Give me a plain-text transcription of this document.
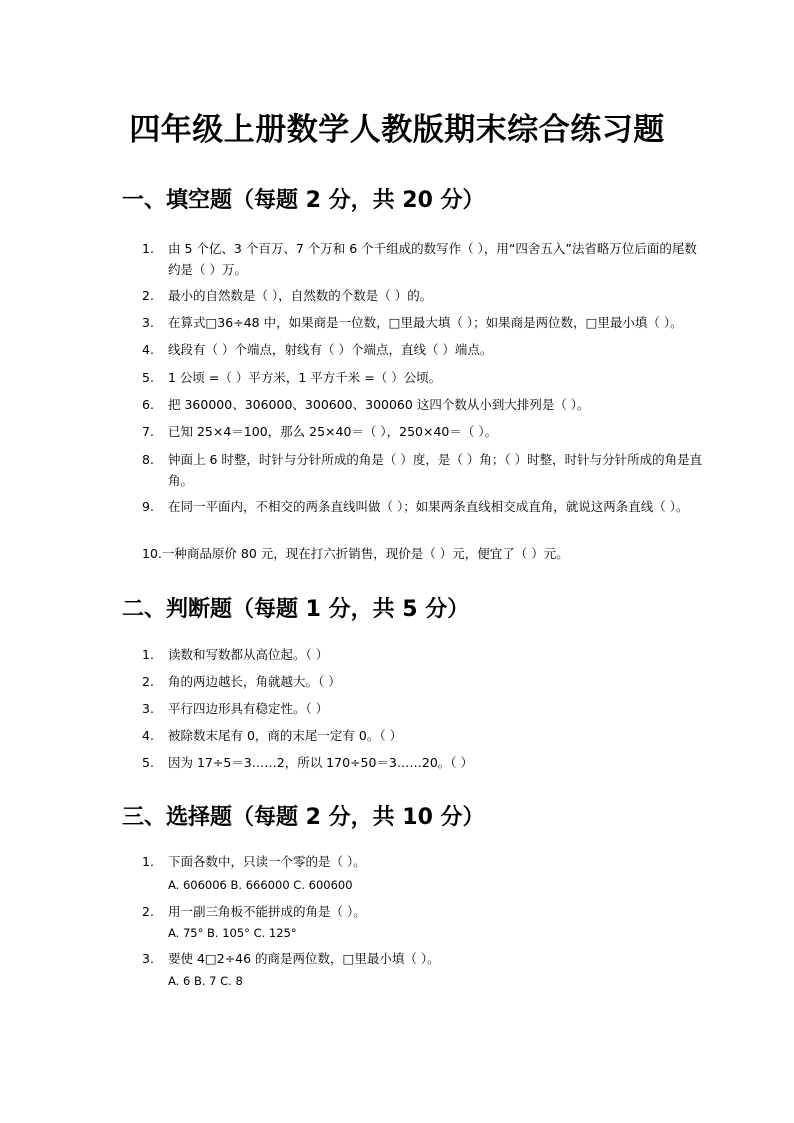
四年级上册数学人教版期末综合练习题
一、填空题（每题 2 分，共 20 分）
1.	由 5 个亿、3 个百万、7 个万和 6 个千组成的数写作（ ），用“四舍五入”法省略万位后面的尾数约是（ ）万。
2.	最小的自然数是（ ），自然数的个数是（ ）的。
3.	在算式□36÷48 中，如果商是一位数，□里最大填（ ）；如果商是两位数，□里最小填（ ）。
4.	线段有（ ）个端点，射线有（ ）个端点，直线（ ）端点。
5.	1 公顷 =（ ）平方米，1 平方千米 =（ ）公顷。
6.	把 360000、306000、300600、300060 这四个数从小到大排列是（ ）。
7.	已知 25×4＝100，那么 25×40＝（ ），250×40＝（ ）。
8.	钟面上 6 时整，时针与分针所成的角是（ ）度，是（ ）角；（ ）时整，时针与分针所成的角是直角。
9.	在同一平面内，不相交的两条直线叫做（ ）；如果两条直线相交成直角，就说这两条直线（ ）。
10.一种商品原价 80 元，现在打六折销售，现价是（ ）元，便宜了（ ）元。
二、判断题（每题 1 分，共 5 分）
1.	读数和写数都从高位起。（ ）
2.	角的两边越长，角就越大。（ ）
3.	平行四边形具有稳定性。（ ）
4.	被除数末尾有 0，商的末尾一定有 0。（ ）
5.	因为 17÷5＝3……2，所以 170÷50＝3……20。（ ）
三、选择题（每题 2 分，共 10 分）
1.	下面各数中，只读一个零的是（ ）。
A. 606006 B. 666000 C. 600600
2.	用一副三角板不能拼成的角是（ ）。
A. 75° B. 105° C. 125°
3.	要使 4□2÷46 的商是两位数，□里最小填（ ）。
A. 6 B. 7 C. 8
